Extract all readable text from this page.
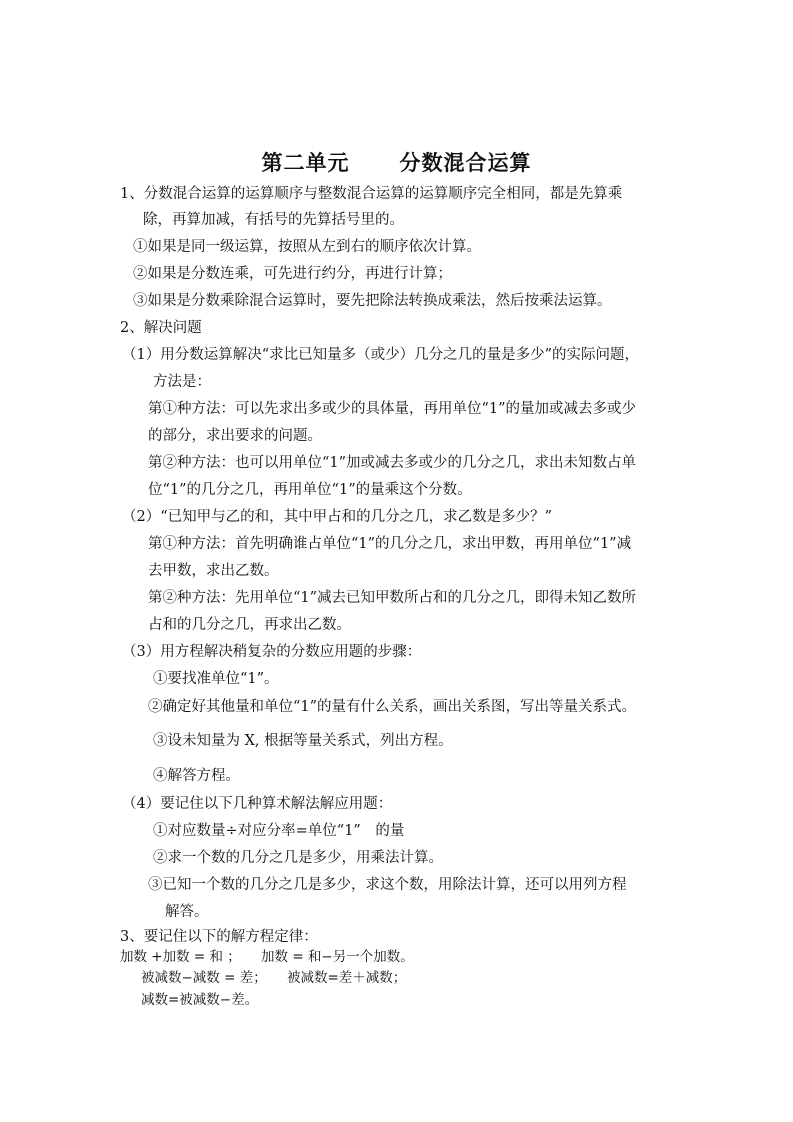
第二单元 分数混合运算
1、分数混合运算的运算顺序与整数混合运算的运算顺序完全相同，都是先算乘
除，再算加减，有括号的先算括号里的。
①如果是同一级运算，按照从左到右的顺序依次计算。
②如果是分数连乘，可先进行约分，再进行计算；
③如果是分数乘除混合运算时，要先把除法转换成乘法，然后按乘法运算。
2、解决问题
（1）用分数运算解决“求比已知量多（或少）几分之几的量是多少”的实际问题，
方法是：
第①种方法：可以先求出多或少的具体量，再用单位“1”的量加或减去多或少
的部分，求出要求的问题。
第②种方法：也可以用单位“1”加或减去多或少的几分之几，求出未知数占单
位“1”的几分之几，再用单位“1”的量乘这个分数。
（2）“已知甲与乙的和，其中甲占和的几分之几，求乙数是多少？”
第①种方法：首先明确谁占单位“1”的几分之几，求出甲数，再用单位“1”减
去甲数，求出乙数。
第②种方法：先用单位“1”减去已知甲数所占和的几分之几，即得未知乙数所
占和的几分之几，再求出乙数。
（3）用方程解决稍复杂的分数应用题的步骤：
①要找准单位“1”。
②确定好其他量和单位“1”的量有什么关系，画出关系图，写出等量关系式。
③设未知量为 X, 根据等量关系式，列出方程。
④解答方程。
（4）要记住以下几种算术解法解应用题：
①对应数量÷对应分率=单位“1”　的量
②求一个数的几分之几是多少，用乘法计算。
③已知一个数的几分之几是多少，求这个数，用除法计算，还可以用列方程
解答。
3、要记住以下的解方程定律：
加数 +加数 = 和 ；　　加数 = 和−另一个加数。
被减数−减数 = 差；　　被减数=差＋减数；
减数=被减数−差。
